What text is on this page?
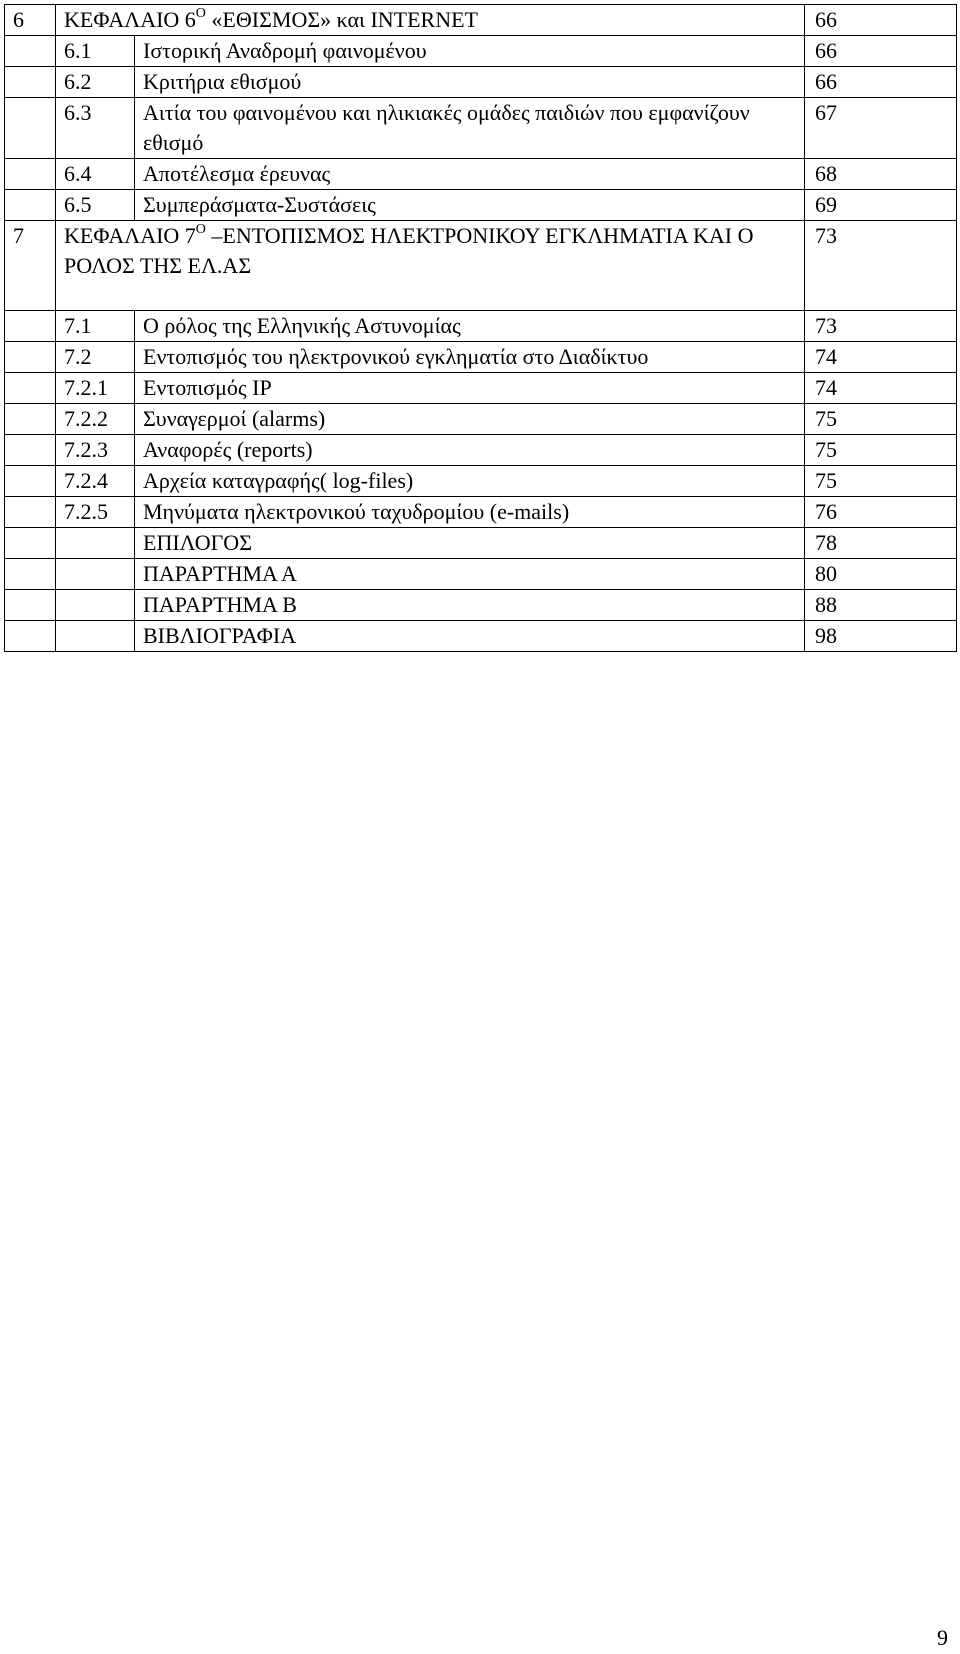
6	ΚΕΦΑΛΑΙΟ $6^O$ «ΕΘΙΣΜΟΣ» και INTERNET		66
	6.1	Ιστορική Αναδρομή φαινομένου	66
	6.2	Κριτήρια εθισμού	66
	6.3	Αιτία του φαινομένου και ηλικιακές ομάδες παιδιών που εμφανίζουν εθισμό	67
	6.4	Αποτέλεσμα έρευνας	68
	6.5	Συμπεράσματα-Συστάσεις	69
7	ΚΕΦΑΛΑΙΟ $7^O$ –ΕΝΤΟΠΙΣΜΟΣ ΗΛΕΚΤΡΟΝΙΚΟΥ ΕΓΚΛΗΜΑΤΙΑ ΚΑΙ Ο ΡΟΛΟΣ ΤΗΣ ΕΛ.ΑΣ		73
	7.1	Ο ρόλος της Ελληνικής Αστυνομίας	73
	7.2	Εντοπισμός του ηλεκτρονικού εγκληματία στο Διαδίκτυο	74
	7.2.1	Εντοπισμός IP	74
	7.2.2	Συναγερμοί (alarms)	75
	7.2.3	Αναφορές (reports)	75
	7.2.4	Αρχεία καταγραφής( log-files)	75
	7.2.5	Μηνύματα ηλεκτρονικού ταχυδρομίου (e-mails)	76
		ΕΠΙΛΟΓΟΣ	78
		ΠΑΡΑΡΤΗΜΑ Α	80
		ΠΑΡΑΡΤΗΜΑ Β	88
		ΒΙΒΛΙΟΓΡΑΦΙΑ	98
9
